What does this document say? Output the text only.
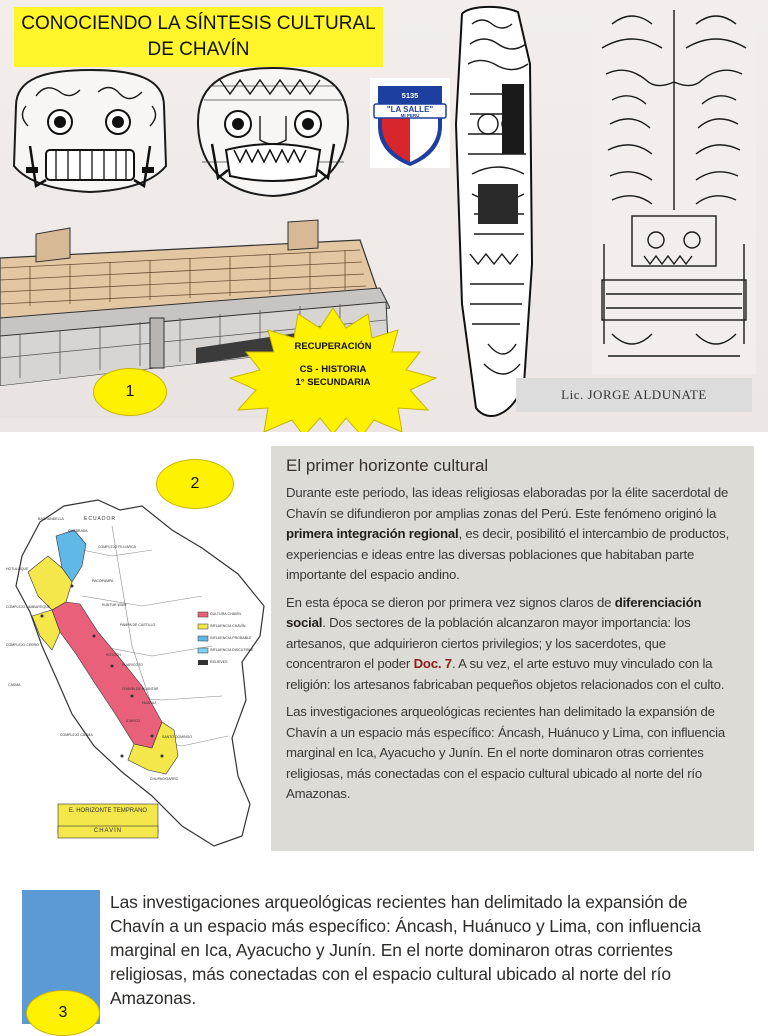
I.E.P.
5135
"LA SALLE"
MI PERÚ
RECUPERACIÓN
CS - HISTORIA
1° SECUNDARIA
CONOCIENDO LA SÍNTESIS CULTURAL DE CHAVÍN
1	Lic. JORGE ALDUNATE
BAGRANDELLA
QUEBRADA
COMPLEJO FILLIARCA
HOTULLIQUE
PACOPAMPA
COMPLEJO LAMBAYEQUE	KUNTUR WASI
PAMPA DE CASTILLO
COMPLEJO CERRO
KOTOSH
HUARICOTO
CASMA
CHAVÍN DE HUÁNTAR
HUARAZ
ATARCO
COMPLEJO CASMA	SANTO DOMINGO
CHUPACIGARRO
ECUADOR
CULTURA CHAVÍN
INFLUENCIA CHAVÍN
INFLUENCIA PROBABLE
INFLUENCIA DISCUTIBLE
RELIEVES
E. HORIZONTE TEMPRANO
CHAVÍN
2
El primer horizonte cultural

Durante este periodo, las ideas religiosas elaboradas por la élite sacerdotal de Chavín se difundieron por amplias zonas del Perú. Este fenómeno originó la primera integración regional, es decir, posibilitó el intercambio de productos, experiencias e ideas entre las diversas poblaciones que habitaban parte importante del espacio andino.

En esta época se dieron por primera vez signos claros de diferenciación social. Dos sectores de la población alcanzaron mayor importancia: los artesanos, que adquirieron ciertos privilegios; y los sacerdotes, que concentraron el poder Doc. 7. A su vez, el arte estuvo muy vinculado con la religión: los artesanos fabricaban pequeños objetos relacionados con el culto.

Las investigaciones arqueológicas recientes han delimitado la expansión de Chavín a un espacio más específico: Áncash, Huánuco y Lima, con influencia marginal en Ica, Ayacucho y Junín. En el norte dominaron otras corrientes religiosas, más conectadas con el espacio cultural ubicado al norte del río Amazonas.

3
Las investigaciones arqueológicas recientes han delimitado la expansión de Chavín a un espacio más específico: Áncash, Huánuco y Lima, con influencia marginal en Ica, Ayacucho y Junín. En el norte dominaron otras corrientes religiosas, más conectadas con el espacio cultural ubicado al norte del río Amazonas.
